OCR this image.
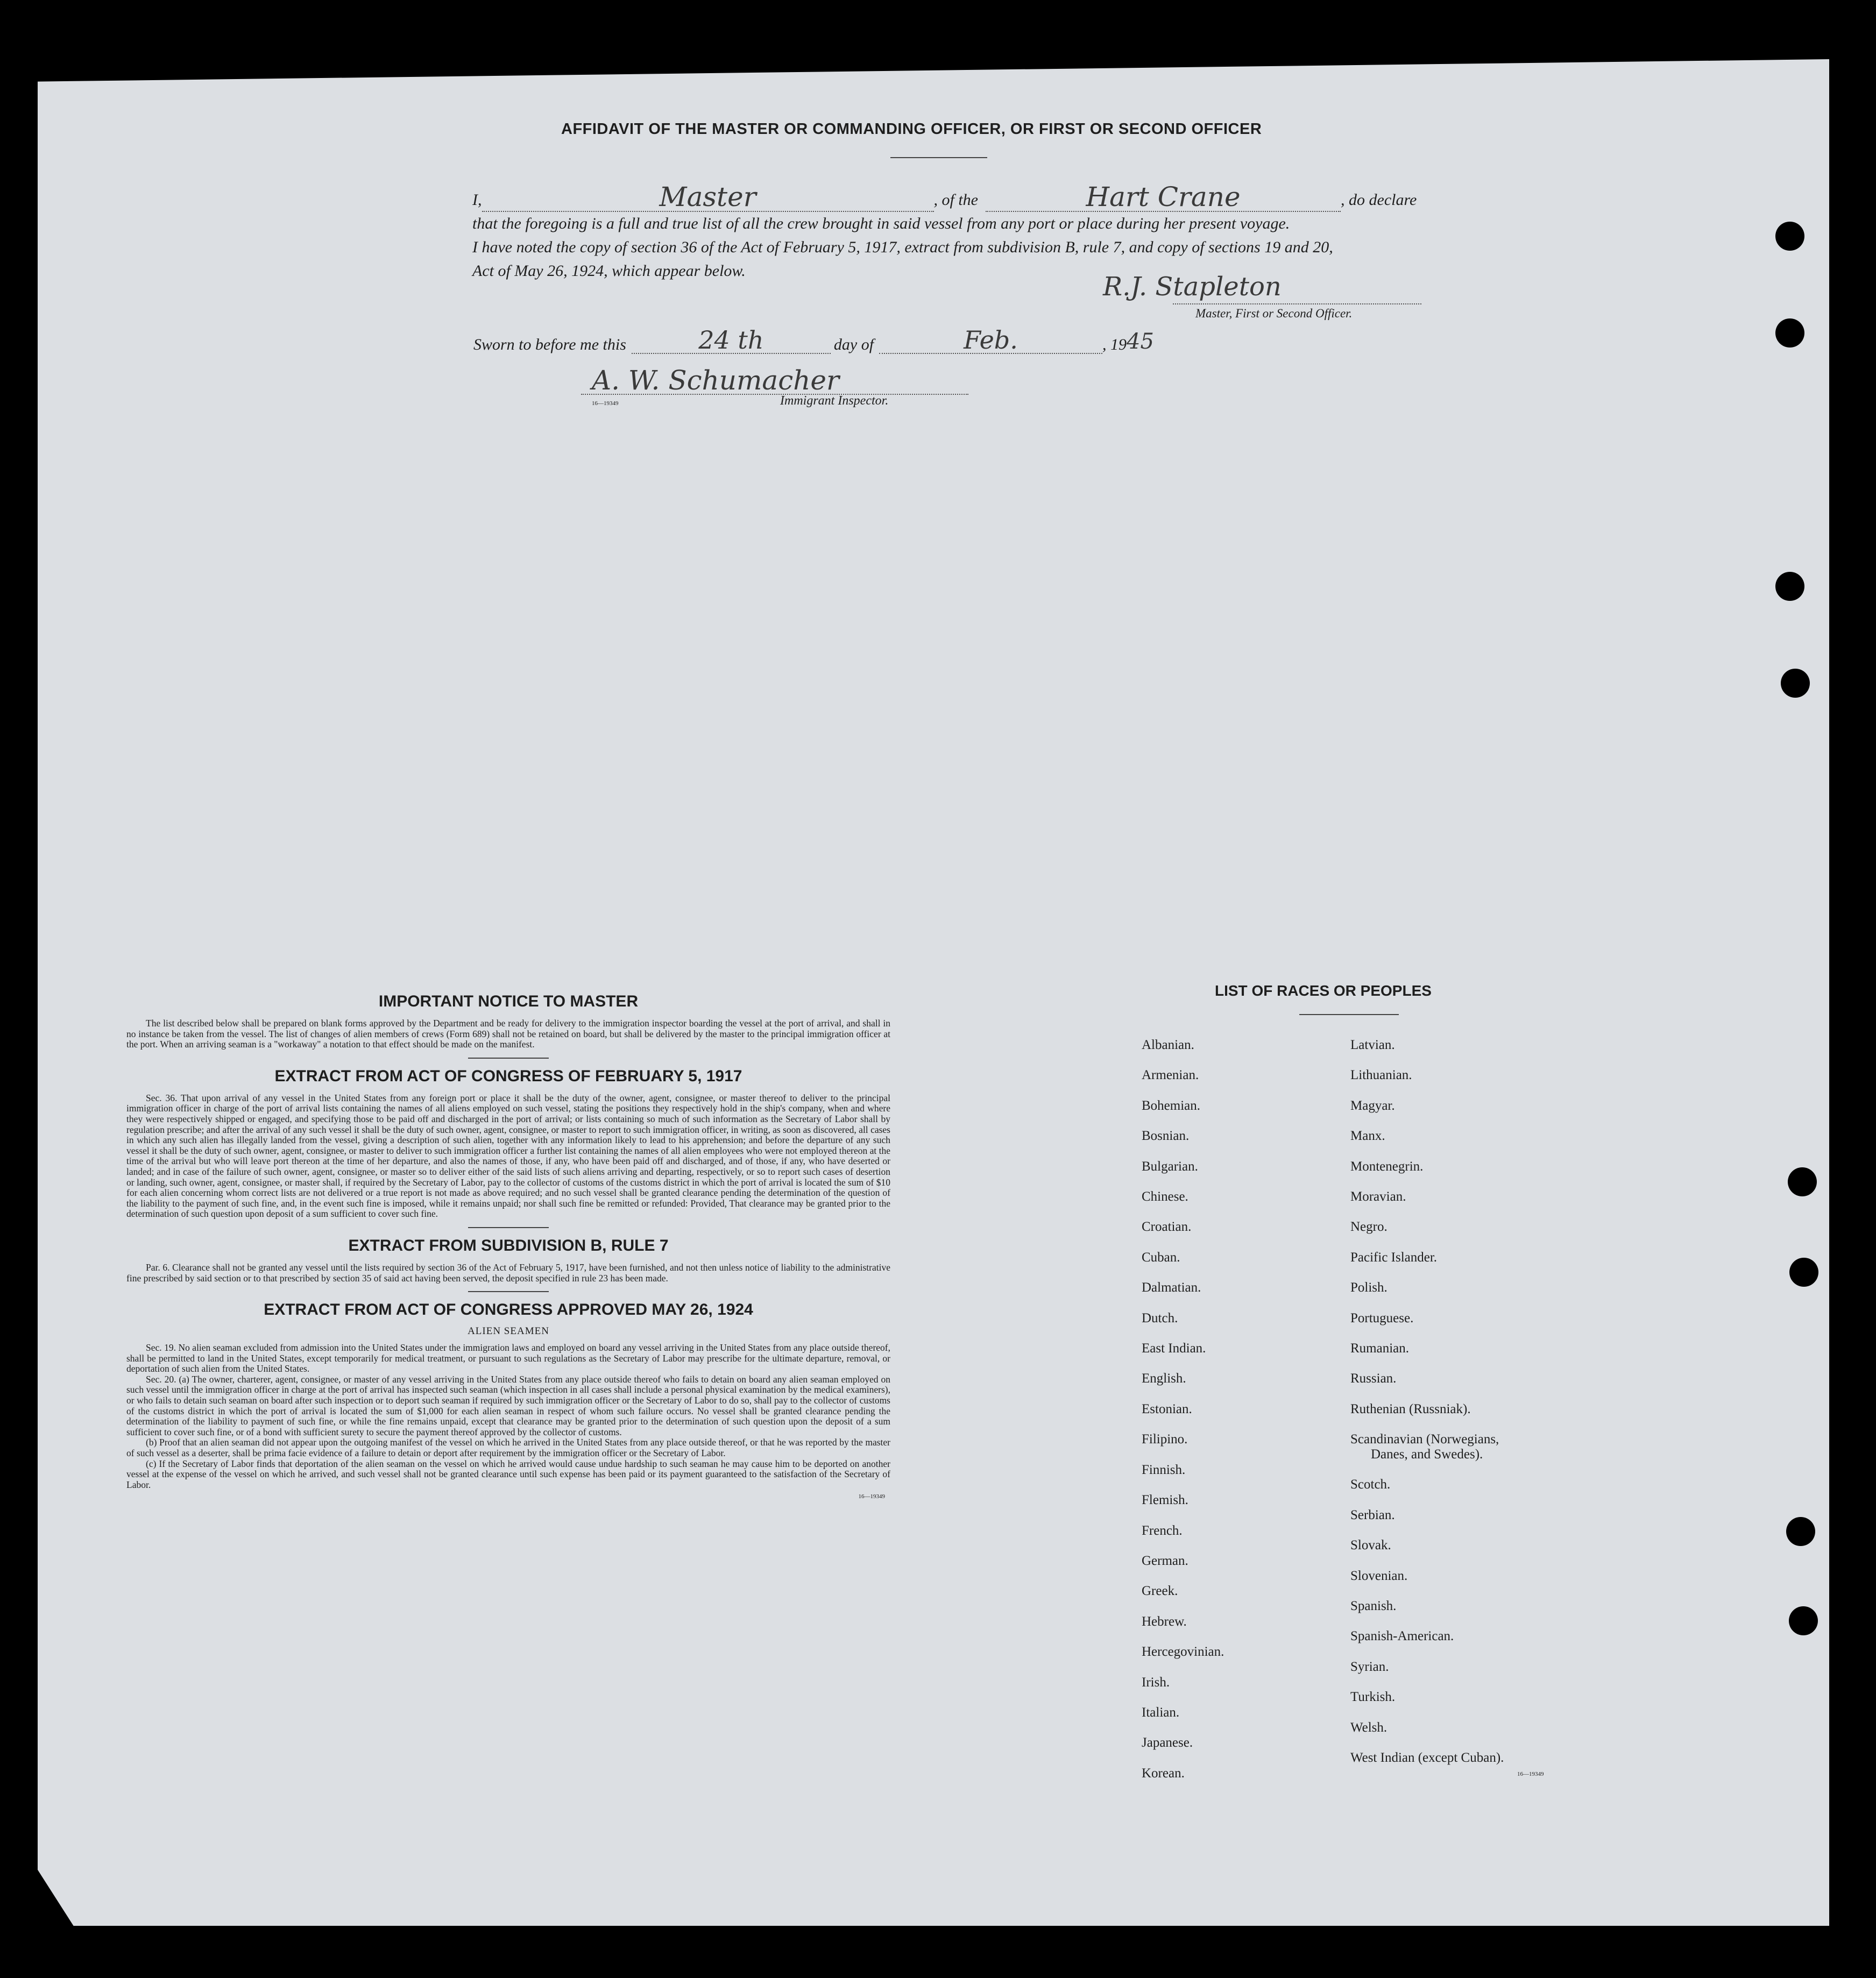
AFFIDAVIT OF THE MASTER OR COMMANDING OFFICER, OR FIRST OR SECOND OFFICER
I,	Master	, of the	Hart Crane	, do declare
that the foregoing is a full and true list of all the crew brought in said vessel from any port or place during her present voyage.
I have noted the copy of section 36 of the Act of February 5, 1917, extract from subdivision B, rule 7, and copy of sections 19 and 20,
Act of May 26, 1924, which appear below.
R.J. Stapleton
Master, First or Second Officer.
Sworn to before me this	24 th	day of	Feb.	, 19 45
A. W. Schumacher
16—19349	Immigrant Inspector.
IMPORTANT NOTICE TO MASTER
The list described below shall be prepared on blank forms approved by the Department and be ready for delivery to the immigration inspector boarding the vessel at the port of arrival, and shall in no instance be taken from the vessel. The list of changes of alien members of crews (Form 689) shall not be retained on board, but shall be delivered by the master to the principal immigration officer at the port. When an arriving seaman is a "workaway" a notation to that effect should be made on the manifest.
EXTRACT FROM ACT OF CONGRESS OF FEBRUARY 5, 1917
Sec. 36. That upon arrival of any vessel in the United States from any foreign port or place it shall be the duty of the owner, agent, consignee, or master thereof to deliver to the principal immigration officer in charge of the port of arrival lists containing the names of all aliens employed on such vessel, stating the positions they respectively hold in the ship's company, when and where they were respectively shipped or engaged, and specifying those to be paid off and discharged in the port of arrival; or lists containing so much of such information as the Secretary of Labor shall by regulation prescribe; and after the arrival of any such vessel it shall be the duty of such owner, agent, consignee, or master to report to such immigration officer, in writing, as soon as discovered, all cases in which any such alien has illegally landed from the vessel, giving a description of such alien, together with any information likely to lead to his apprehension; and before the departure of any such vessel it shall be the duty of such owner, agent, consignee, or master to deliver to such immigration officer a further list containing the names of all alien employees who were not employed thereon at the time of the arrival but who will leave port thereon at the time of her departure, and also the names of those, if any, who have been paid off and discharged, and of those, if any, who have deserted or landed; and in case of the failure of such owner, agent, consignee, or master so to deliver either of the said lists of such aliens arriving and departing, respectively, or so to report such cases of desertion or landing, such owner, agent, consignee, or master shall, if required by the Secretary of Labor, pay to the collector of customs of the customs district in which the port of arrival is located the sum of $10 for each alien concerning whom correct lists are not delivered or a true report is not made as above required; and no such vessel shall be granted clearance pending the determination of the question of the liability to the payment of such fine, and, in the event such fine is imposed, while it remains unpaid; nor shall such fine be remitted or refunded: Provided, That clearance may be granted prior to the determination of such question upon deposit of a sum sufficient to cover such fine.
EXTRACT FROM SUBDIVISION B, RULE 7
Par. 6. Clearance shall not be granted any vessel until the lists required by section 36 of the Act of February 5, 1917, have been furnished, and not then unless notice of liability to the administrative fine prescribed by said section or to that prescribed by section 35 of said act having been served, the deposit specified in rule 23 has been made.
EXTRACT FROM ACT OF CONGRESS APPROVED MAY 26, 1924
ALIEN SEAMEN
Sec. 19. No alien seaman excluded from admission into the United States under the immigration laws and employed on board any vessel arriving in the United States from any place outside thereof, shall be permitted to land in the United States, except temporarily for medical treatment, or pursuant to such regulations as the Secretary of Labor may prescribe for the ultimate departure, removal, or deportation of such alien from the United States.
Sec. 20. (a) The owner, charterer, agent, consignee, or master of any vessel arriving in the United States from any place outside thereof who fails to detain on board any alien seaman employed on such vessel until the immigration officer in charge at the port of arrival has inspected such seaman (which inspection in all cases shall include a personal physical examination by the medical examiners), or who fails to detain such seaman on board after such inspection or to deport such seaman if required by such immigration officer or the Secretary of Labor to do so, shall pay to the collector of customs of the customs district in which the port of arrival is located the sum of $1,000 for each alien seaman in respect of whom such failure occurs. No vessel shall be granted clearance pending the determination of the liability to payment of such fine, or while the fine remains unpaid, except that clearance may be granted prior to the determination of such question upon the deposit of a sum sufficient to cover such fine, or of a bond with sufficient surety to secure the payment thereof approved by the collector of customs.
(b) Proof that an alien seaman did not appear upon the outgoing manifest of the vessel on which he arrived in the United States from any place outside thereof, or that he was reported by the master of such vessel as a deserter, shall be prima facie evidence of a failure to detain or deport after requirement by the immigration officer or the Secretary of Labor.
(c) If the Secretary of Labor finds that deportation of the alien seaman on the vessel on which he arrived would cause undue hardship to such seaman he may cause him to be deported on another vessel at the expense of the vessel on which he arrived, and such vessel shall not be granted clearance until such expense has been paid or its payment guaranteed to the satisfaction of the Secretary of Labor.
16—19349
LIST OF RACES OR PEOPLES
Albanian.
Armenian.
Bohemian.
Bosnian.
Bulgarian.
Chinese.
Croatian.
Cuban.
Dalmatian.
Dutch.
East Indian.
English.
Estonian.
Filipino.
Finnish.
Flemish.
French.
German.
Greek.
Hebrew.
Hercegovinian.
Irish.
Italian.
Japanese.
Korean.
Latvian.
Lithuanian.
Magyar.
Manx.
Montenegrin.
Moravian.
Negro.
Pacific Islander.
Polish.
Portuguese.
Rumanian.
Russian.
Ruthenian (Russniak).
Scandinavian (Norwegians,
Danes, and Swedes).
Scotch.
Serbian.
Slovak.
Slovenian.
Spanish.
Spanish-American.
Syrian.
Turkish.
Welsh.
West Indian (except Cuban).
16—19349
